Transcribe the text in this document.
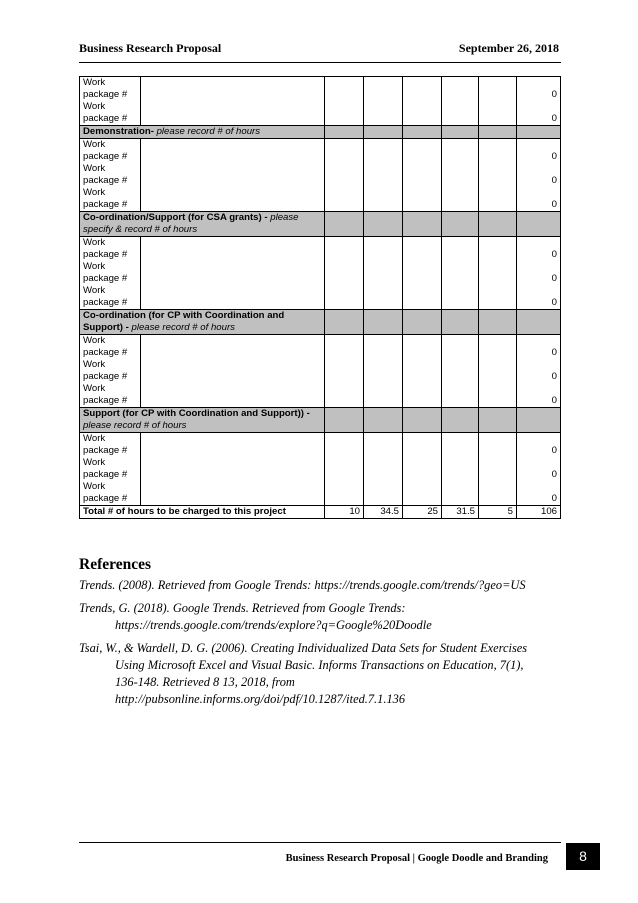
Business Research Proposal	September 26, 2018
Work
package #							0
Work
package #							0
Demonstration- please record # of hours							
Work
package #							0
Work
package #							0
Work
package #							0
Co-ordination/Support (for CSA grants) - please specify & record # of hours							
Work
package #							0
Work
package #							0
Work
package #							0
Co-ordination (for CP with Coordination and Support) - please record # of hours							
Work
package #							0
Work
package #							0
Work
package #							0
Support (for CP with Coordination and Support)) - please record # of hours							
Work
package #							0
Work
package #							0
Work
package #							0
Total # of hours to be charged to this project		10	34.5	25	31.5	5	106
References
Trends. (2008). Retrieved from Google Trends: https://trends.google.com/trends/?geo=US
Trends, G. (2018). Google Trends. Retrieved from Google Trends:
https://trends.google.com/trends/explore?q=Google%20Doodle
Tsai, W., & Wardell, D. G. (2006). Creating Individualized Data Sets for Student Exercises
Using Microsoft Excel and Visual Basic. Informs Transactions on Education, 7(1),
136-148. Retrieved 8 13, 2018, from
http://pubsonline.informs.org/doi/pdf/10.1287/ited.7.1.136
Business Research Proposal | Google Doodle and Branding	8
